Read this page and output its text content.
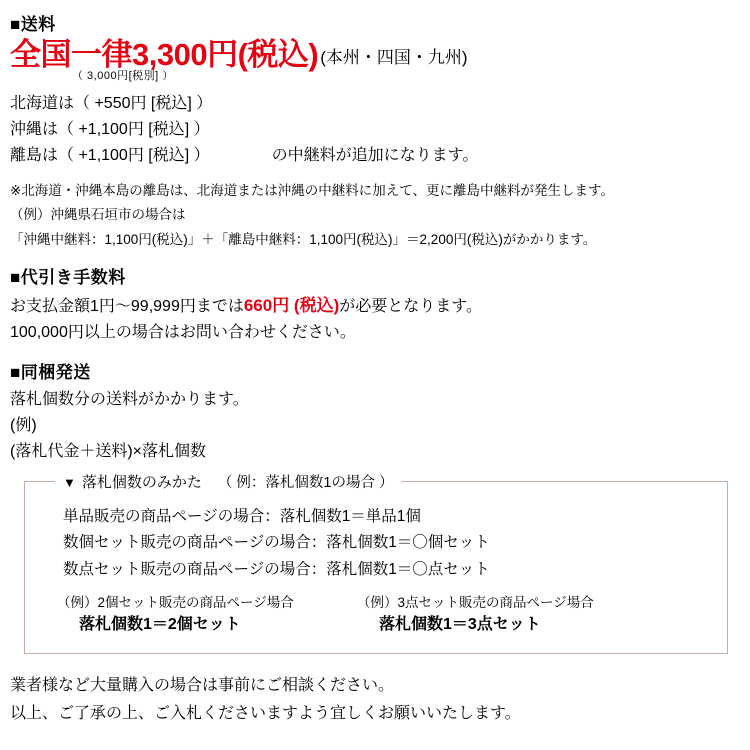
■送料
全国一律3,300円(税込) (本州・四国・九州)
（ 3,000円[税別] ）
北海道は（ +550円 [税込] ）
沖縄は（ +1,100円 [税込] ）
離島は（ +1,100円 [税込] ）	の中継料が追加になります。
※北海道・沖縄本島の離島は、北海道または沖縄の中継料に加えて、更に離島中継料が発生します。
（例）沖縄県石垣市の場合は
「沖縄中継料：1,100円(税込)」＋「離島中継料：1,100円(税込)」＝2,200円(税込)がかかります。
■代引き手数料
お支払金額1円～99,999円までは660円 (税込)が必要となります。
100,000円以上の場合はお問い合わせください。
■同梱発送
落札個数分の送料がかかります。
(例)
(落札代金＋送料)×落札個数
▼ 落札個数のみかた （ 例：落札個数1の場合 ）
単品販売の商品ページの場合：落札個数1＝単品1個
数個セット販売の商品ページの場合：落札個数1＝〇個セット
数点セット販売の商品ページの場合：落札個数1＝〇点セット
（例）2個セット販売の商品ページ場合
落札個数1＝2個セット
（例）3点セット販売の商品ページ場合
落札個数1＝3点セット
業者様など大量購入の場合は事前にご相談ください。
以上、ご了承の上、ご入札くださいますよう宜しくお願いいたします。
